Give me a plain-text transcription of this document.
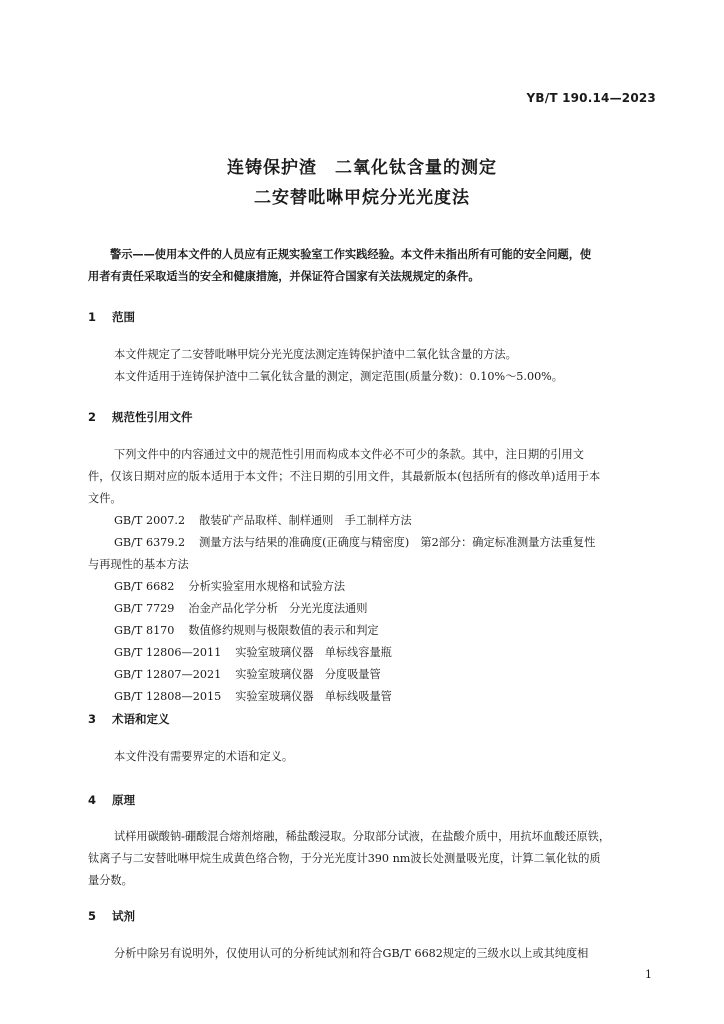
YB/T 190.14—2023
连铸保护渣　二氧化钛含量的测定
二安替吡啉甲烷分光光度法
警示——使用本文件的人员应有正规实验室工作实践经验。本文件未指出所有可能的安全问题，使
用者有责任采取适当的安全和健康措施，并保证符合国家有关法规规定的条件。
1 范围
本文件规定了二安替吡啉甲烷分光光度法测定连铸保护渣中二氧化钛含量的方法。
本文件适用于连铸保护渣中二氧化钛含量的测定，测定范围(质量分数)：0.10%～5.00%。
2 规范性引用文件
下列文件中的内容通过文中的规范性引用而构成本文件必不可少的条款。其中，注日期的引用文
件，仅该日期对应的版本适用于本文件；不注日期的引用文件，其最新版本(包括所有的修改单)适用于本
文件。
GB/T 2007.2 散装矿产品取样、制样通则　手工制样方法
GB/T 6379.2 测量方法与结果的准确度(正确度与精密度)　第2部分：确定标准测量方法重复性
与再现性的基本方法
GB/T 6682 分析实验室用水规格和试验方法
GB/T 7729 冶金产品化学分析　分光光度法通则
GB/T 8170 数值修约规则与极限数值的表示和判定
GB/T 12806—2011 实验室玻璃仪器　单标线容量瓶
GB/T 12807—2021 实验室玻璃仪器　分度吸量管
GB/T 12808—2015 实验室玻璃仪器　单标线吸量管
3 术语和定义
本文件没有需要界定的术语和定义。
4 原理
试样用碳酸钠-硼酸混合熔剂熔融，稀盐酸浸取。分取部分试液，在盐酸介质中，用抗坏血酸还原铁，
钛离子与二安替吡啉甲烷生成黄色络合物，于分光光度计390 nm波长处测量吸光度，计算二氧化钛的质
量分数。
5 试剂
分析中除另有说明外，仅使用认可的分析纯试剂和符合GB/T 6682规定的三级水以上或其纯度相
1
